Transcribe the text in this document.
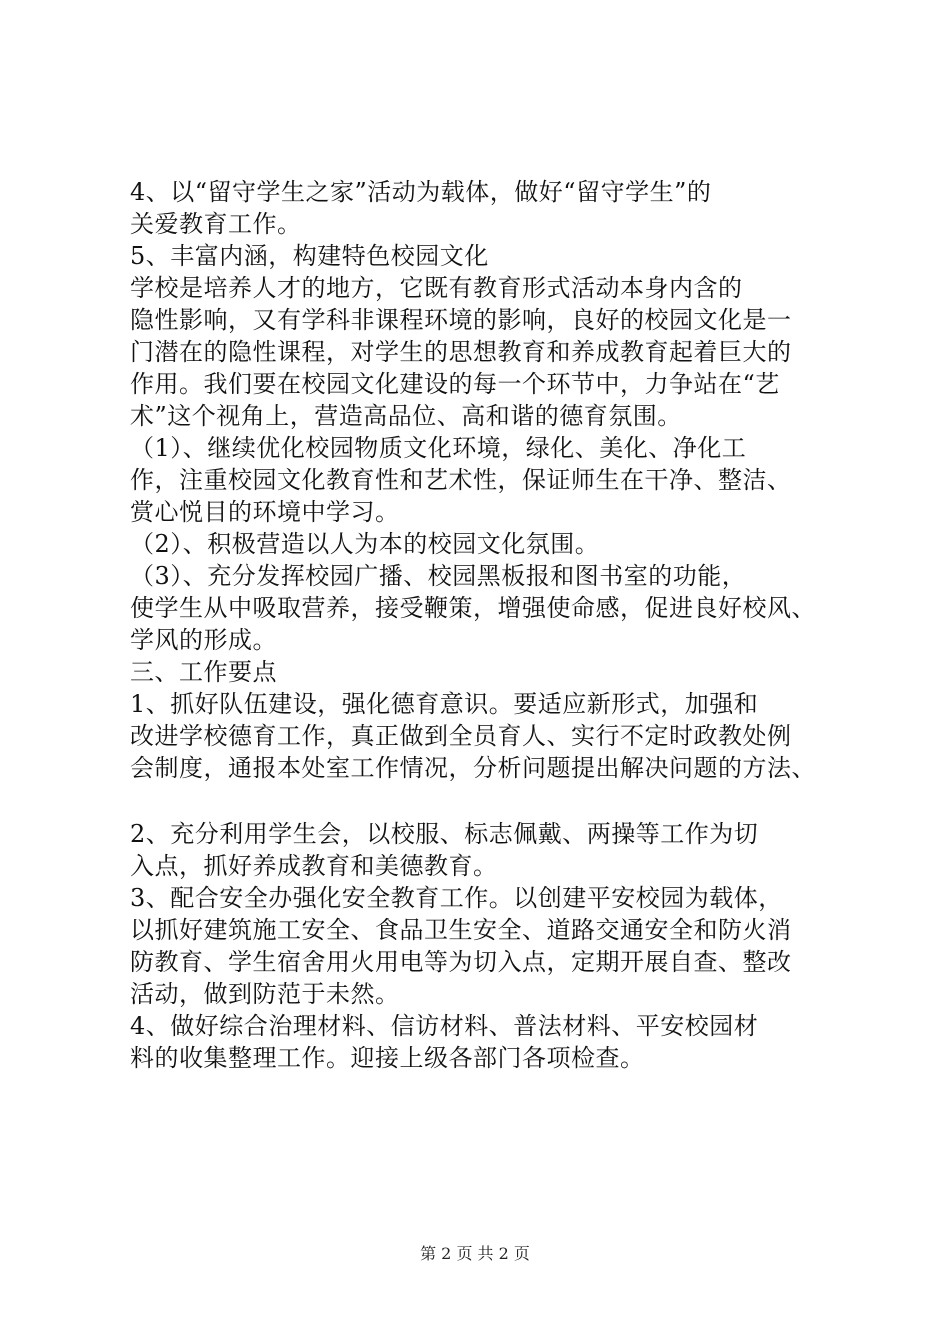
4、以“留守学生之家”活动为载体，做好“留守学生”的
关爱教育工作。
5、丰富内涵，构建特色校园文化
学校是培养人才的地方，它既有教育形式活动本身内含的
隐性影响，又有学科非课程环境的影响，良好的校园文化是一
门潜在的隐性课程，对学生的思想教育和养成教育起着巨大的
作用。我们要在校园文化建设的每一个环节中，力争站在“艺
术”这个视角上，营造高品位、高和谐的德育氛围。
（1）、继续优化校园物质文化环境，绿化、美化、净化工
作，注重校园文化教育性和艺术性，保证师生在干净、整洁、
赏心悦目的环境中学习。
（2）、积极营造以人为本的校园文化氛围。
（3）、充分发挥校园广播、校园黑板报和图书室的功能，
使学生从中吸取营养，接受鞭策，增强使命感，促进良好校风、
学风的形成。
三、工作要点
1、抓好队伍建设，强化德育意识。要适应新形式，加强和
改进学校德育工作，真正做到全员育人、实行不定时政教处例
会制度，通报本处室工作情况，分析问题提出解决问题的方法、
2、充分利用学生会，以校服、标志佩戴、两操等工作为切
入点，抓好养成教育和美德教育。
3、配合安全办强化安全教育工作。以创建平安校园为载体，
以抓好建筑施工安全、食品卫生安全、道路交通安全和防火消
防教育、学生宿舍用火用电等为切入点，定期开展自查、整改
活动，做到防范于未然。
4、做好综合治理材料、信访材料、普法材料、平安校园材
料的收集整理工作。迎接上级各部门各项检查。
第 2 页 共 2 页
